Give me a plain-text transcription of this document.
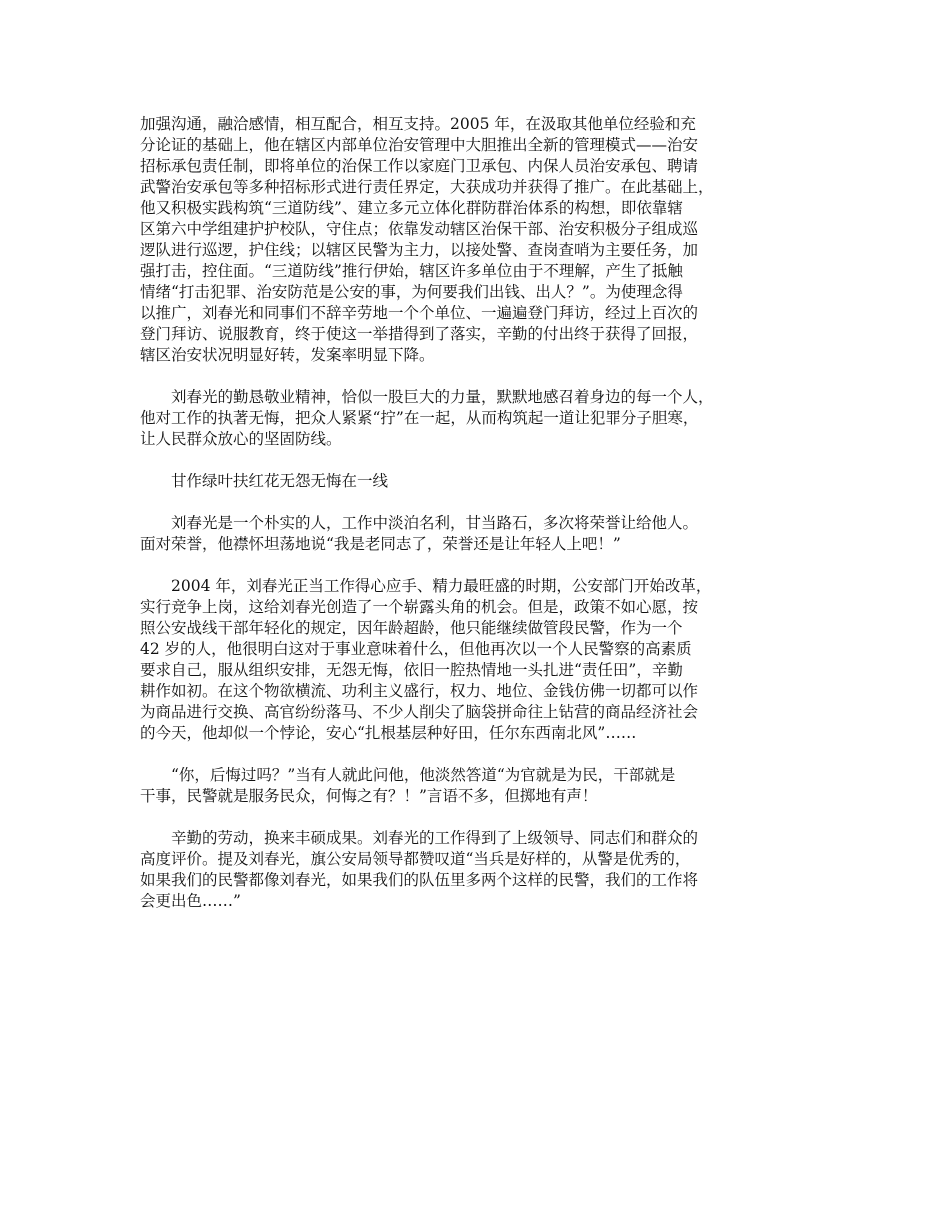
加强沟通，融洽感情，相互配合，相互支持。2005 年，在汲取其他单位经验和充
分论证的基础上，他在辖区内部单位治安管理中大胆推出全新的管理模式——治安
招标承包责任制，即将单位的治保工作以家庭门卫承包、内保人员治安承包、聘请
武警治安承包等多种招标形式进行责任界定，大获成功并获得了推广。在此基础上，
他又积极实践构筑“三道防线”、建立多元立体化群防群治体系的构想，即依靠辖
区第六中学组建护护校队，守住点；依靠发动辖区治保干部、治安积极分子组成巡
逻队进行巡逻，护住线；以辖区民警为主力，以接处警、查岗查哨为主要任务，加
强打击，控住面。“三道防线”推行伊始，辖区许多单位由于不理解，产生了抵触
情绪“打击犯罪、治安防范是公安的事，为何要我们出钱、出人？”。为使理念得
以推广，刘春光和同事们不辞辛劳地一个个单位、一遍遍登门拜访，经过上百次的
登门拜访、说服教育，终于使这一举措得到了落实，辛勤的付出终于获得了回报，
辖区治安状况明显好转，发案率明显下降。
刘春光的勤恳敬业精神，恰似一股巨大的力量，默默地感召着身边的每一个人，
他对工作的执著无悔，把众人紧紧“拧”在一起，从而构筑起一道让犯罪分子胆寒，
让人民群众放心的坚固防线。
甘作绿叶扶红花无怨无悔在一线
刘春光是一个朴实的人，工作中淡泊名利，甘当路石，多次将荣誉让给他人。
面对荣誉，他襟怀坦荡地说“我是老同志了，荣誉还是让年轻人上吧！”
2004 年，刘春光正当工作得心应手、精力最旺盛的时期，公安部门开始改革，
实行竞争上岗，这给刘春光创造了一个崭露头角的机会。但是，政策不如心愿，按
照公安战线干部年轻化的规定，因年龄超龄，他只能继续做管段民警，作为一个
42 岁的人，他很明白这对于事业意味着什么，但他再次以一个人民警察的高素质
要求自己，服从组织安排，无怨无悔，依旧一腔热情地一头扎进“责任田”，辛勤
耕作如初。在这个物欲横流、功利主义盛行，权力、地位、金钱仿佛一切都可以作
为商品进行交换、高官纷纷落马、不少人削尖了脑袋拼命往上钻营的商品经济社会
的今天，他却似一个悖论，安心“扎根基层种好田，任尔东西南北风”……
“你，后悔过吗？”当有人就此问他，他淡然答道“为官就是为民，干部就是
干事，民警就是服务民众，何悔之有？！”言语不多，但掷地有声！
辛勤的劳动，换来丰硕成果。刘春光的工作得到了上级领导、同志们和群众的
高度评价。提及刘春光，旗公安局领导都赞叹道“当兵是好样的，从警是优秀的，
如果我们的民警都像刘春光，如果我们的队伍里多两个这样的民警，我们的工作将
会更出色……”
